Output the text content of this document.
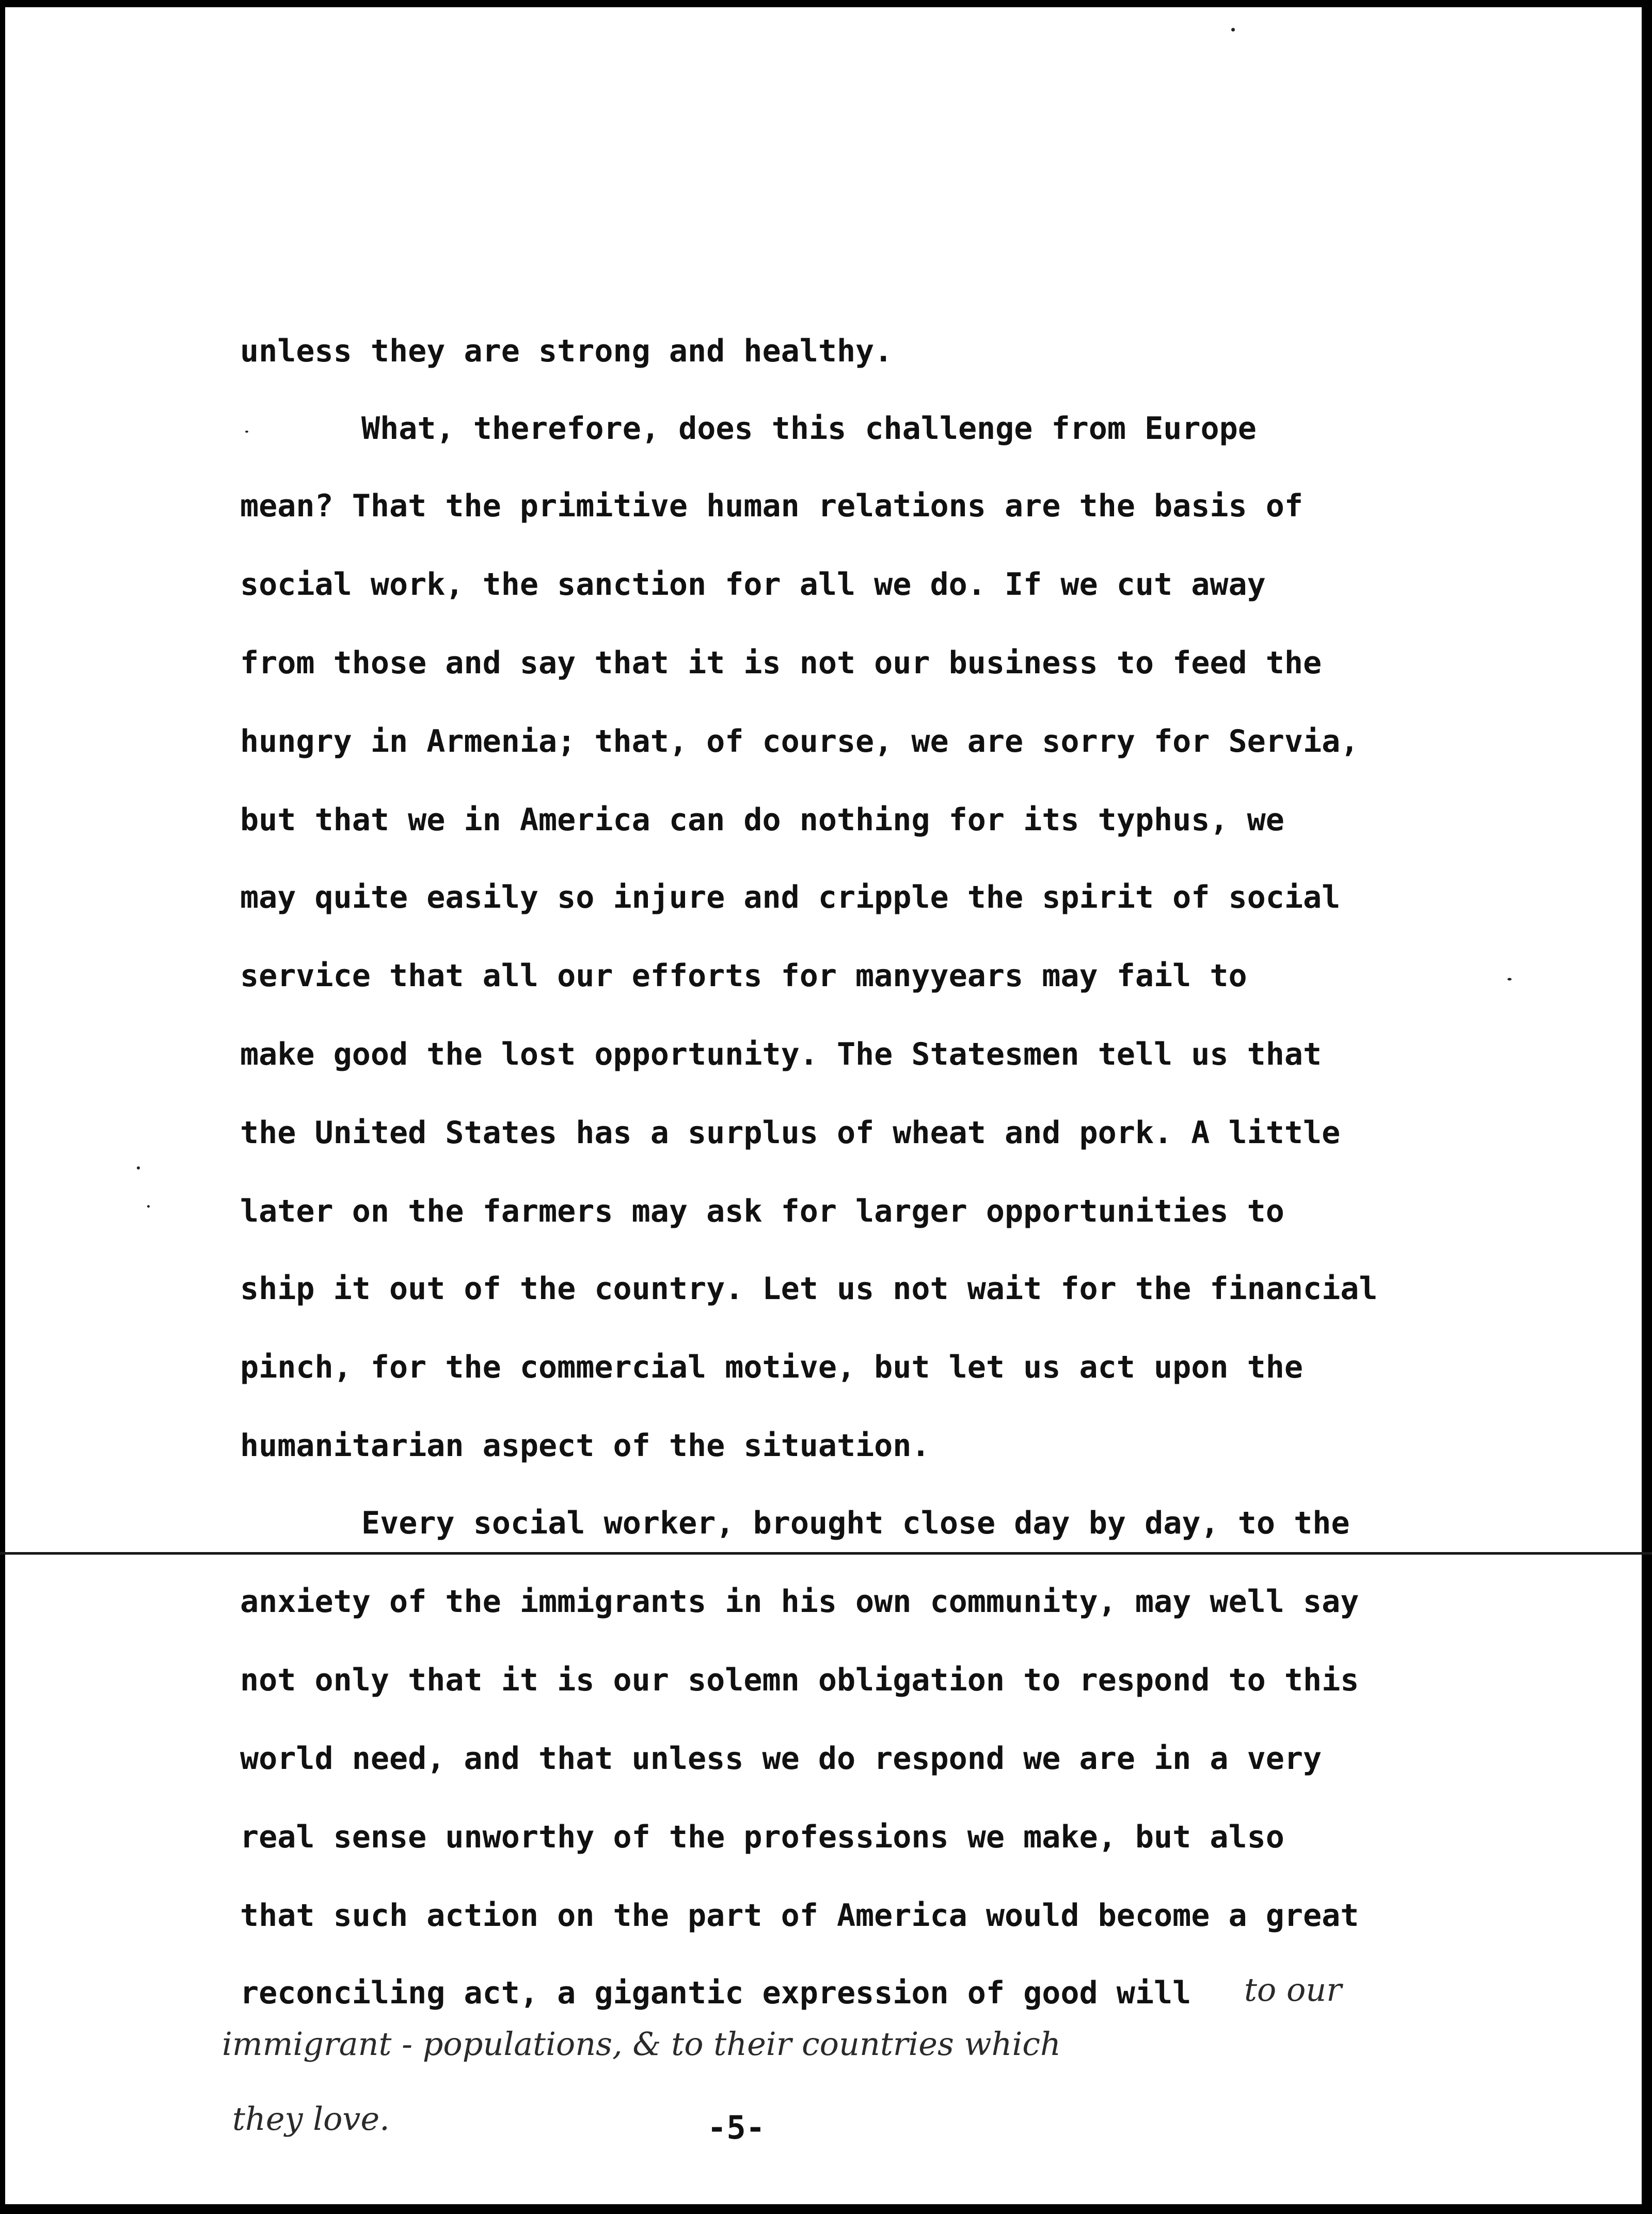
unless they are strong and healthy.

What, therefore, does this challenge from Europe

mean? That the primitive human relations are the basis of

social work, the sanction for all we do. If we cut away

from those and say that it is not our business to feed the

hungry in Armenia; that, of course, we are sorry for Servia,

but that we in America can do nothing for its typhus, we

may quite easily so injure and cripple the spirit of social

service that all our efforts for manyyears may fail to

make good the lost opportunity. The Statesmen tell us that

the United States has a surplus of wheat and pork. A little

later on the farmers may ask for larger opportunities to

ship it out of the country. Let us not wait for the financial

pinch, for the commercial motive, but let us act upon the

humanitarian aspect of the situation.

Every social worker, brought close day by day, to the

anxiety of the immigrants in his own community, may well say

not only that it is our solemn obligation to respond to this

world need, and that unless we do respond we are in a very

real sense unworthy of the professions we make, but also

that such action on the part of America would become a great

reconciling act, a gigantic expression of good will to our
immigrant - populations, & to their countries which
they love.	-5-
